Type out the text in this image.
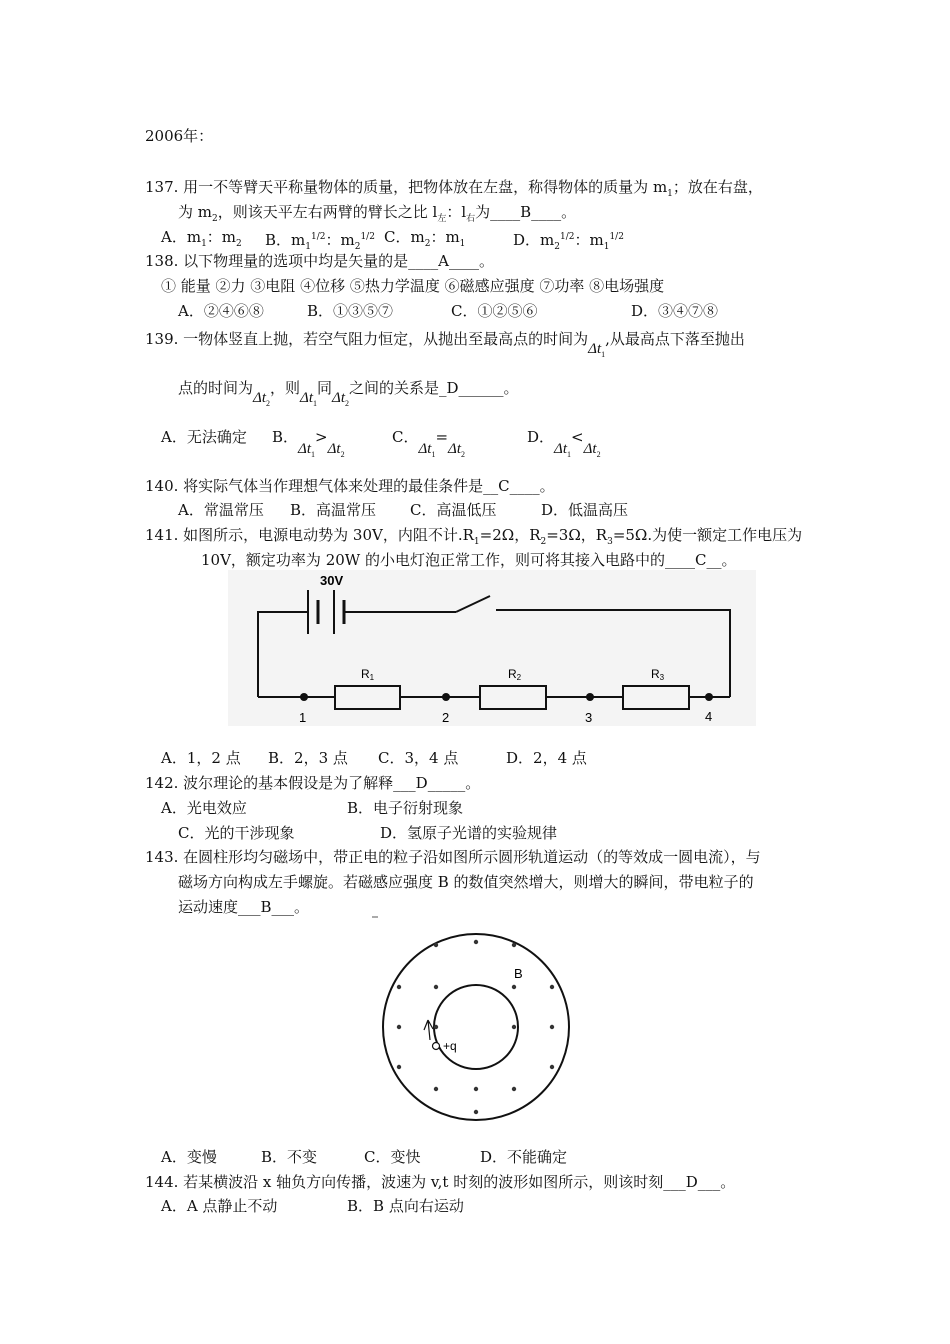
2006年：
137. 用一不等臂天平称量物体的质量，把物体放在左盘，称得物体的质量为 $m_1$；放在右盘，
为 $m_2$，则该天平左右两臂的臂长之比 $l_左$：$l_右$为____B____。
A．$m_1$：$m_2$ B．$m_1^{1/2}$：$m_2^{1/2}$ C．$m_2$：$m_1$	D．$m_2^{1/2}$：$m_1^{1/2}$
138. 以下物理量的选项中均是矢量的是____A____。
① 能量 ②力 ③电阻 ④位移 ⑤热力学温度 ⑥磁感应强度 ⑦功率 ⑧电场强度
A．②④⑥⑧	B．①③⑤⑦	C．①②⑤⑥	D．③④⑦⑧
139. 一物体竖直上抛，若空气阻力恒定，从抛出至最高点的时间为$\Delta t_1$,从最高点下落至抛出
点的时间为$\Delta t_2$，则$\Delta t_1$同$\Delta t_2$之间的关系是_D______。
A．无法确定 B．$\Delta t_1>\Delta t_2$
C．$\Delta t_1=\Delta t_2$
D．$\Delta t_1<\Delta t_2$
140. 将实际气体当作理想气体来处理的最佳条件是__C____。
A．常温常压 B．高温常压 C．高温低压	D．低温高压
141. 如图所示，电源电动势为 30V，内阻不计$.R_1=2\Omega$，$R_2=3\Omega$，$R_3=5\Omega$.为使一额定工作电压为
10V，额定功率为 20W 的小电灯泡正常工作，则可将其接入电路中的____C__。
30V
R1	R2	R3
1	2	3	4
A．1，2 点 B．2，3 点 C．3，4 点	D．2，4 点
142. 波尔理论的基本假设是为了解释___D_____。
A．光电效应	B．电子衍射现象
C．光的干涉现象	D．氢原子光谱的实验规律
143. 在圆柱形均匀磁场中，带正电的粒子沿如图所示圆形轨道运动（的等效成一圆电流），与
磁场方向构成左手螺旋。若磁感应强度 B 的数值突然增大，则增大的瞬间，带电粒子的
运动速度___B___。
+q
B
A．变慢	B．不变	C．变快	D．不能确定
144. 若某横波沿 x 轴负方向传播，波速为 v,t 时刻的波形如图所示，则该时刻___D___。
A．A 点静止不动	B．B 点向右运动
